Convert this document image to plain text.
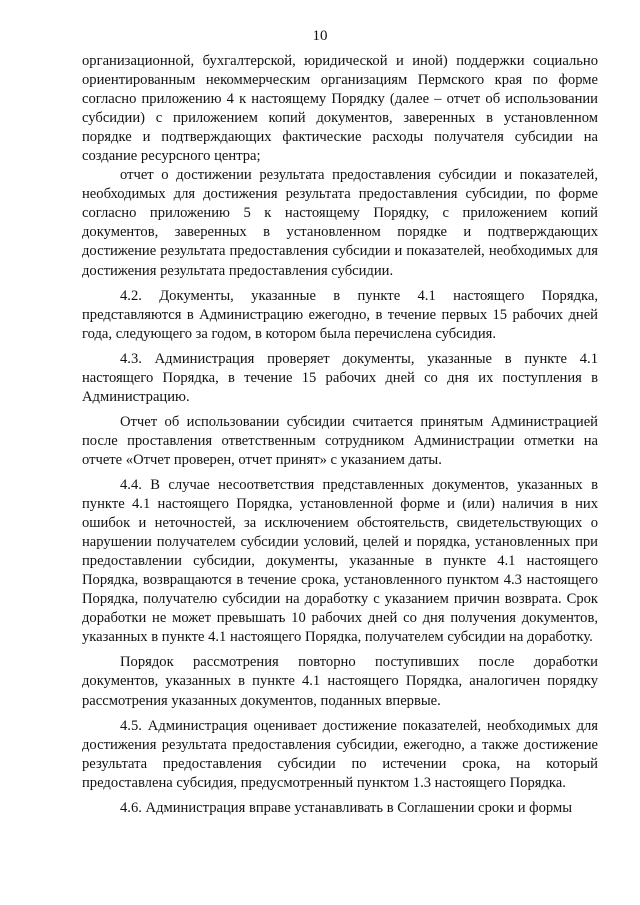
10

организационной, бухгалтерской, юридической и иной) поддержки социально ориентированным некоммерческим организациям Пермского края по форме согласно приложению 4 к настоящему Порядку (далее – отчет об использовании субсидии) с приложением копий документов, заверенных в установленном порядке и подтверждающих фактические расходы получателя субсидии на создание ресурсного центра;

отчет о достижении результата предоставления субсидии и показателей, необходимых для достижения результата предоставления субсидии, по форме согласно приложению 5 к настоящему Порядку, с приложением копий документов, заверенных в установленном порядке и подтверждающих достижение результата предоставления субсидии и показателей, необходимых для достижения результата предоставления субсидии.

4.2. Документы, указанные в пункте 4.1 настоящего Порядка, представляются в Администрацию ежегодно, в течение первых 15 рабочих дней года, следующего за годом, в котором была перечислена субсидия.

4.3. Администрация проверяет документы, указанные в пункте 4.1 настоящего Порядка, в течение 15 рабочих дней со дня их поступления в Администрацию.

Отчет об использовании субсидии считается принятым Администрацией после проставления ответственным сотрудником Администрации отметки на отчете «Отчет проверен, отчет принят» с указанием даты.

4.4. В случае несоответствия представленных документов, указанных в пункте 4.1 настоящего Порядка, установленной форме и (или) наличия в них ошибок и неточностей, за исключением обстоятельств, свидетельствующих о нарушении получателем субсидии условий, целей и порядка, установленных при предоставлении субсидии, документы, указанные в пункте 4.1 настоящего Порядка, возвращаются в течение срока, установленного пунктом 4.3 настоящего Порядка, получателю субсидии на доработку с указанием причин возврата. Срок доработки не может превышать 10 рабочих дней со дня получения документов, указанных в пункте 4.1 настоящего Порядка, получателем субсидии на доработку.

Порядок рассмотрения повторно поступивших после доработки документов, указанных в пункте 4.1 настоящего Порядка, аналогичен порядку рассмотрения указанных документов, поданных впервые.

4.5. Администрация оценивает достижение показателей, необходимых для достижения результата предоставления субсидии, ежегодно, а также достижение результата предоставления субсидии по истечении срока, на который предоставлена субсидия, предусмотренный пунктом 1.3 настоящего Порядка.

4.6. Администрация вправе устанавливать в Соглашении сроки и формы
